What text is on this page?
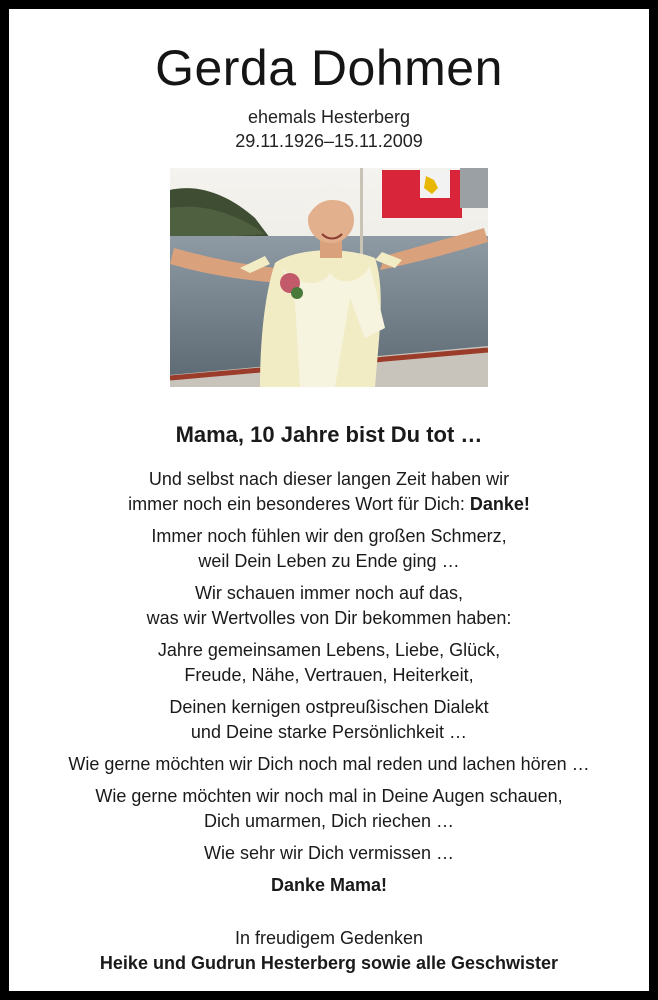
Gerda Dohmen
ehemals Hesterberg
29.11.1926–15.11.2009
Mama, 10 Jahre bist Du tot …
Und selbst nach dieser langen Zeit haben wir
immer noch ein besonderes Wort für Dich: Danke!
Immer noch fühlen wir den großen Schmerz,
weil Dein Leben zu Ende ging …
Wir schauen immer noch auf das,
was wir Wertvolles von Dir bekommen haben:
Jahre gemeinsamen Lebens, Liebe, Glück,
Freude, Nähe, Vertrauen, Heiterkeit,
Deinen kernigen ostpreußischen Dialekt
und Deine starke Persönlichkeit …
Wie gerne möchten wir Dich noch mal reden und lachen hören …
Wie gerne möchten wir noch mal in Deine Augen schauen,
Dich umarmen, Dich riechen …
Wie sehr wir Dich vermissen …
Danke Mama!
In freudigem Gedenken
Heike und Gudrun Hesterberg sowie alle Geschwister
